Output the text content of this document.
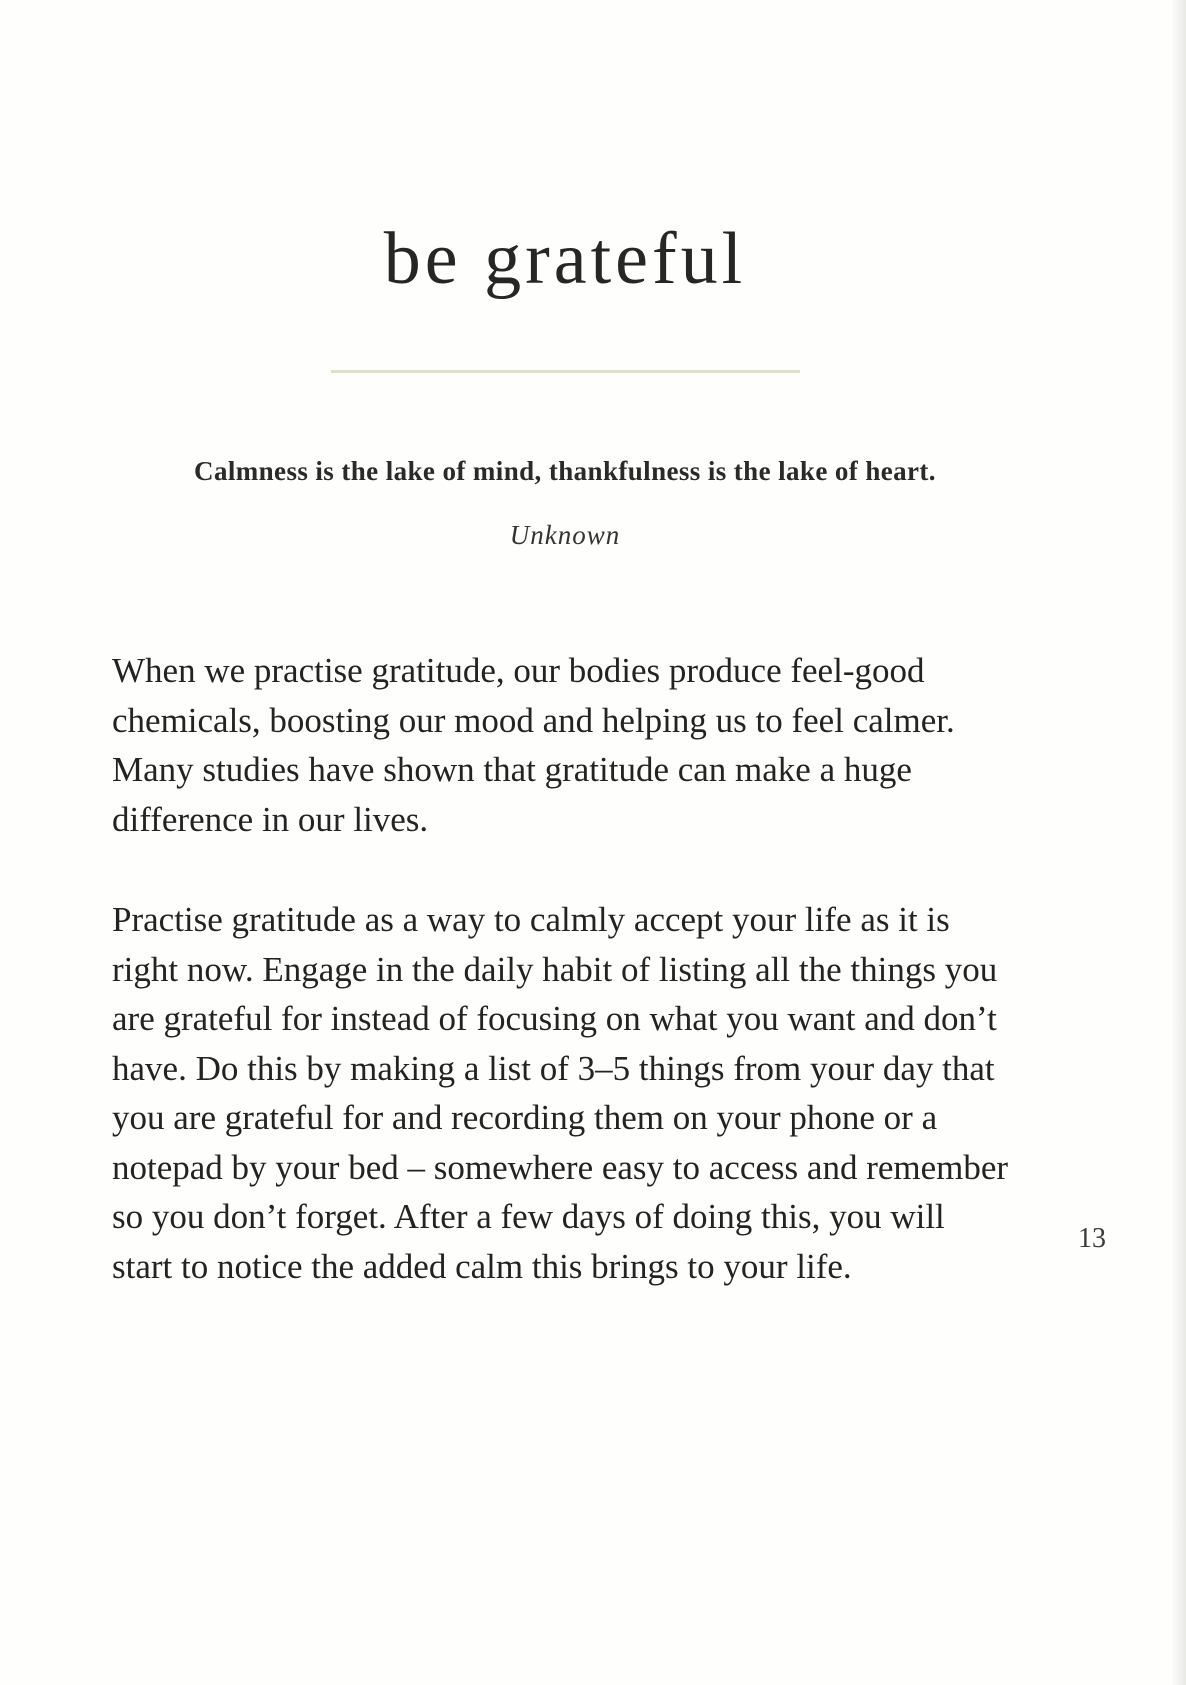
be grateful

Calmness is the lake of mind, thankfulness is the lake of heart.

Unknown

When we practise gratitude, our bodies produce feel-good chemicals, boosting our mood and helping us to feel calmer. Many studies have shown that gratitude can make a huge difference in our lives.

Practise gratitude as a way to calmly accept your life as it is right now. Engage in the daily habit of listing all the things you are grateful for instead of focusing on what you want and don’t have. Do this by making a list of 3–5 things from your day that you are grateful for and recording them on your phone or a notepad by your bed – somewhere easy to access and remember so you don’t forget. After a few days of doing this, you will start to notice the added calm this brings to your life.

13
